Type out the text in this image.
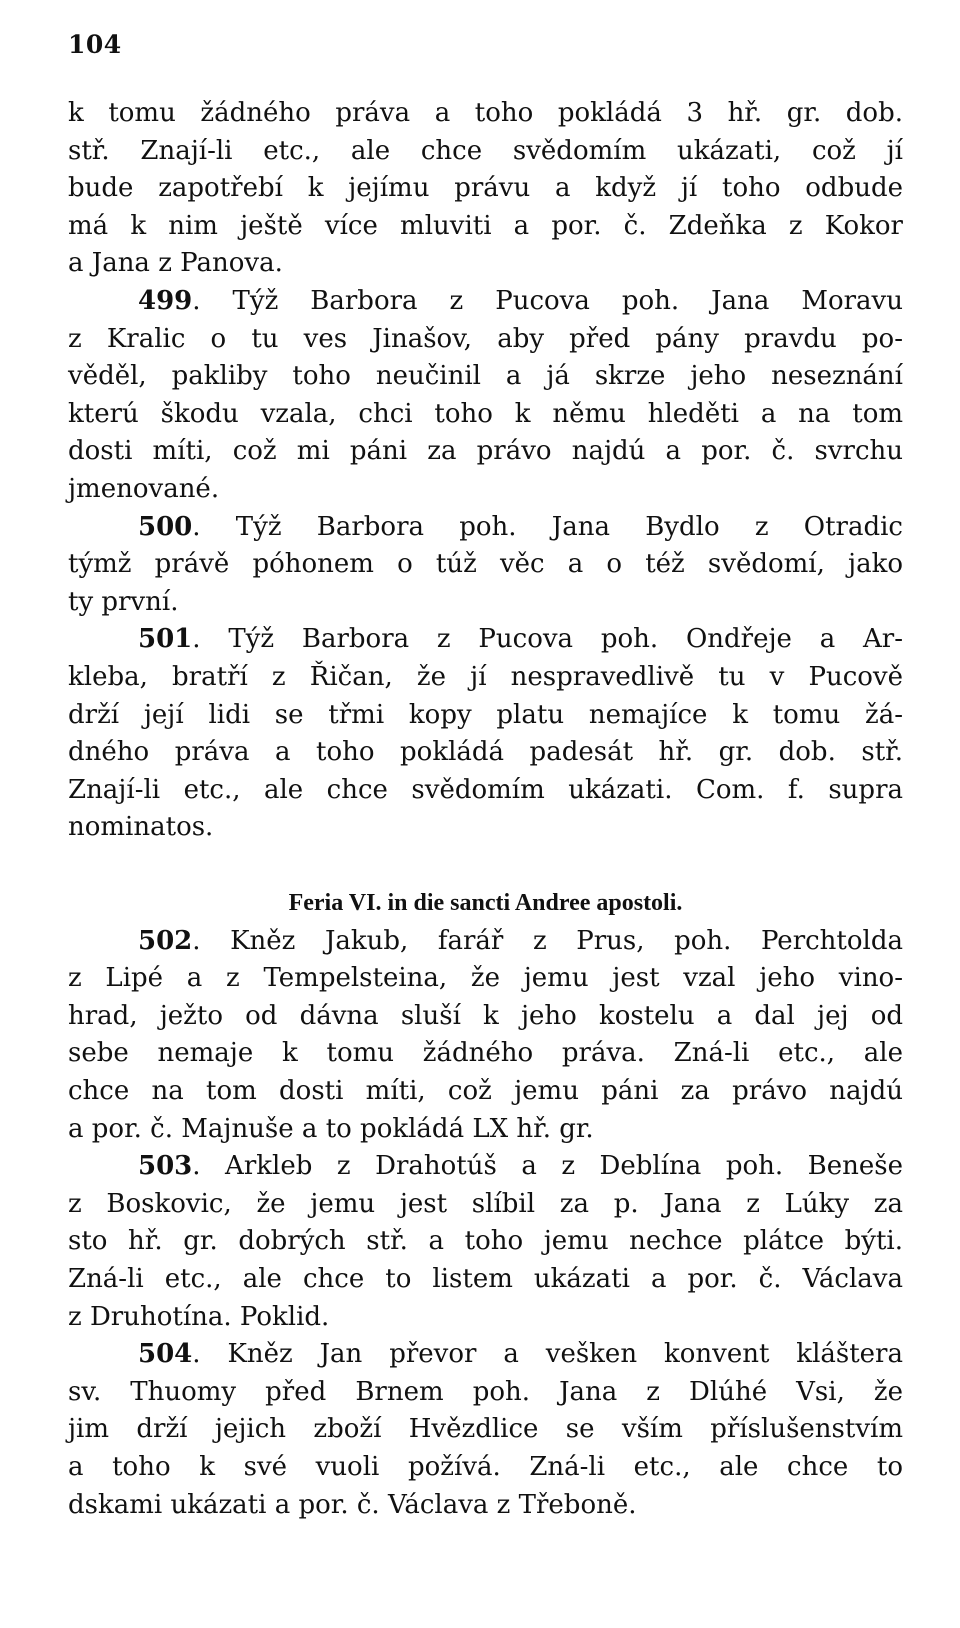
104
k tomu žádného práva a toho pokládá 3 hř. gr. dob.
stř. Znají-li etc., ale chce svědomím ukázati, což jí
bude zapotřebí k jejímu právu a když jí toho odbude
má k nim ještě více mluviti a por. č. Zdeňka z Kokor
a Jana z Panova.
499. Týž Barbora z Pucova poh. Jana Moravu
z Kralic o tu ves Jinašov, aby před pány pravdu po-
věděl, pakliby toho neučinil a já skrze jeho neseznání
kterú škodu vzala, chci toho k němu hleděti a na tom
dosti míti, což mi páni za právo najdú a por. č. svrchu
jmenované.
500. Týž Barbora poh. Jana Bydlo z Otradic
týmž právě póhonem o túž věc a o též svědomí, jako
ty první.
501. Týž Barbora z Pucova poh. Ondřeje a Ar-
kleba, bratří z Řičan, že jí nespravedlivě tu v Pucově
drží její lidi se třmi kopy platu nemajíce k tomu žá-
dného práva a toho pokládá padesát hř. gr. dob. stř.
Znají-li etc., ale chce svědomím ukázati. Com. f. supra
nominatos.
Feria VI. in die sancti Andree apostoli.
502. Kněz Jakub, farář z Prus, poh. Perchtolda
z Lipé a z Tempelsteina, že jemu jest vzal jeho vino-
hrad, ježto od dávna sluší k jeho kostelu a dal jej od
sebe nemaje k tomu žádného práva. Zná-li etc., ale
chce na tom dosti míti, což jemu páni za právo najdú
a por. č. Majnuše a to pokládá LX hř. gr.
503. Arkleb z Drahotúš a z Deblína poh. Beneše
z Boskovic, že jemu jest slíbil za p. Jana z Lúky za
sto hř. gr. dobrých stř. a toho jemu nechce plátce býti.
Zná-li etc., ale chce to listem ukázati a por. č. Václava
z Druhotína. Poklid.
504. Kněz Jan převor a vešken konvent kláštera
sv. Thuomy před Brnem poh. Jana z Dlúhé Vsi, že
jim drží jejich zboží Hvězdlice se vším příslušenstvím
a toho k své vuoli požívá. Zná-li etc., ale chce to
dskami ukázati a por. č. Václava z Třeboně.
